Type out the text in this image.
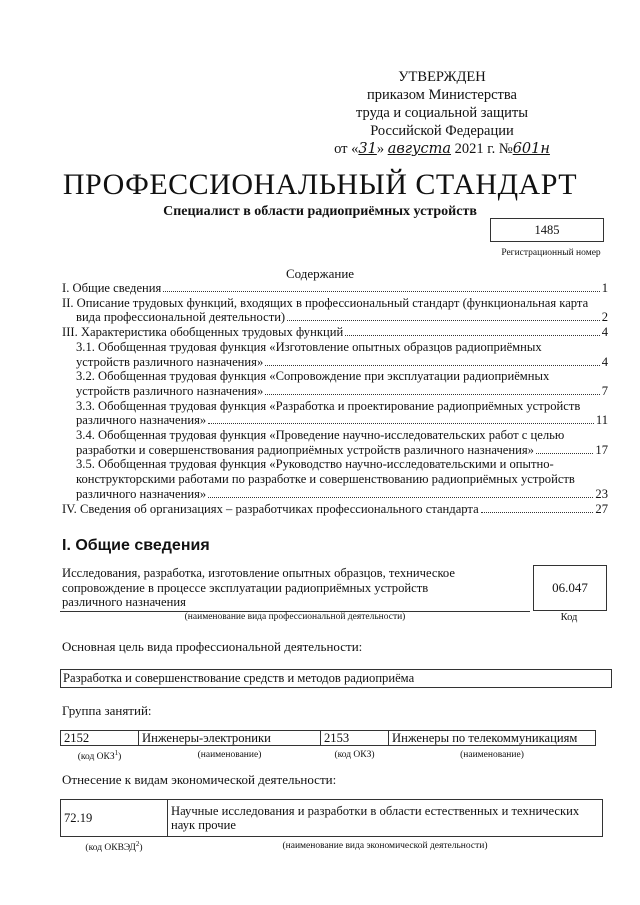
УТВЕРЖДЕН
приказом Министерства
труда и социальной защиты
Российской Федерации
от «31» августа 2021 г. №601н
ПРОФЕССИОНАЛЬНЫЙ СТАНДАРТ
Специалист в области радиоприёмных устройств
1485
Регистрационный номер
Содержание
I. Общие сведения	1
II. Описание трудовых функций, входящих в профессиональный стандарт (функциональная карта
вида профессиональной деятельности)	2
III. Характеристика обобщенных трудовых функций	4
3.1. Обобщенная трудовая функция «Изготовление опытных образцов радиоприёмных
устройств различного назначения»	4
3.2. Обобщенная трудовая функция «Сопровождение при эксплуатации радиоприёмных
устройств различного назначения»	7
3.3. Обобщенная трудовая функция «Разработка и проектирование радиоприёмных устройств
различного назначения»	11
3.4. Обобщенная трудовая функция «Проведение научно-исследовательских работ с целью
разработки и совершенствования радиоприёмных устройств различного назначения»	17
3.5. Обобщенная трудовая функция «Руководство научно-исследовательскими и опытно-
конструкторскими работами по разработке и совершенствованию радиоприёмных устройств
различного назначения»	23
IV. Сведения об организациях – разработчиках профессионального стандарта	27
I. Общие сведения
Исследования, разработка, изготовление опытных образцов, техническое сопровождение в процессе эксплуатации радиоприёмных устройств различного назначения
(наименование вида профессиональной деятельности)
06.047
Код
Основная цель вида профессиональной деятельности:
Разработка и совершенствование средств и методов радиоприёма
Группа занятий:
2152	Инженеры-электроники	2153	Инженеры по телекоммуникациям
(код ОКЗ$^1$)	(наименование)	(код ОКЗ)	(наименование)
Отнесение к видам экономической деятельности:
72.19	Научные исследования и разработки в области естественных и технических наук прочие
(код ОКВЭД$^2$)	(наименование вида экономической деятельности)
